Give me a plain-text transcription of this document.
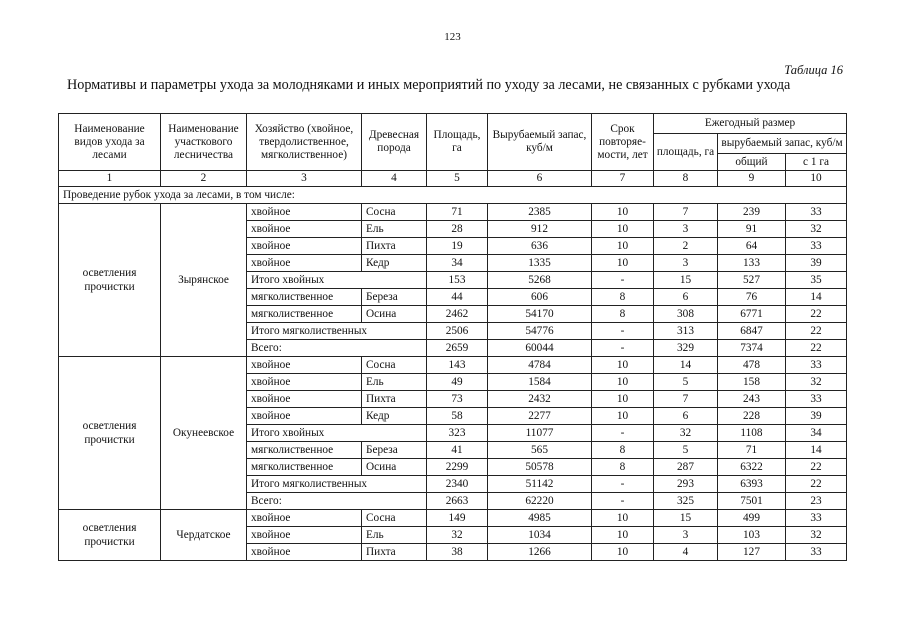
123
Таблица 16
Нормативы и параметры ухода за молодняками и иных мероприятий по уходу за лесами, не связанных с рубками ухода
Наименование видов ухода за лесами	Наименование участкового лесничества	Хозяйство (хвойное, твердолиственное, мягколиственное)	Древесная порода	Площадь, га	Вырубаемый запас, куб/м	Срок повторяе-мости, лет	Ежегодный размер		
							площадь, га	вырубаемый запас, куб/м	
								общий	с 1 га
1	2	3	4	5	6	7	8	9	10
Проведение рубок ухода за лесами, в том числе:									
осветления прочистки	Зырянское	хвойное	Сосна	71	2385	10	7	239	33
		хвойное	Ель	28	912	10	3	91	32
		хвойное	Пихта	19	636	10	2	64	33
		хвойное	Кедр	34	1335	10	3	133	39
		Итого хвойных		153	5268	-	15	527	35
		мягколиственное	Береза	44	606	8	6	76	14
		мягколиственное	Осина	2462	54170	8	308	6771	22
		Итого мягколиственных		2506	54776	-	313	6847	22
		Всего:		2659	60044	-	329	7374	22
осветления прочистки	Окунеевское	хвойное	Сосна	143	4784	10	14	478	33
		хвойное	Ель	49	1584	10	5	158	32
		хвойное	Пихта	73	2432	10	7	243	33
		хвойное	Кедр	58	2277	10	6	228	39
		Итого хвойных		323	11077	-	32	1108	34
		мягколиственное	Береза	41	565	8	5	71	14
		мягколиственное	Осина	2299	50578	8	287	6322	22
		Итого мягколиственных		2340	51142	-	293	6393	22
		Всего:		2663	62220	-	325	7501	23
осветления прочистки	Чердатское	хвойное	Сосна	149	4985	10	15	499	33
		хвойное	Ель	32	1034	10	3	103	32
		хвойное	Пихта	38	1266	10	4	127	33
